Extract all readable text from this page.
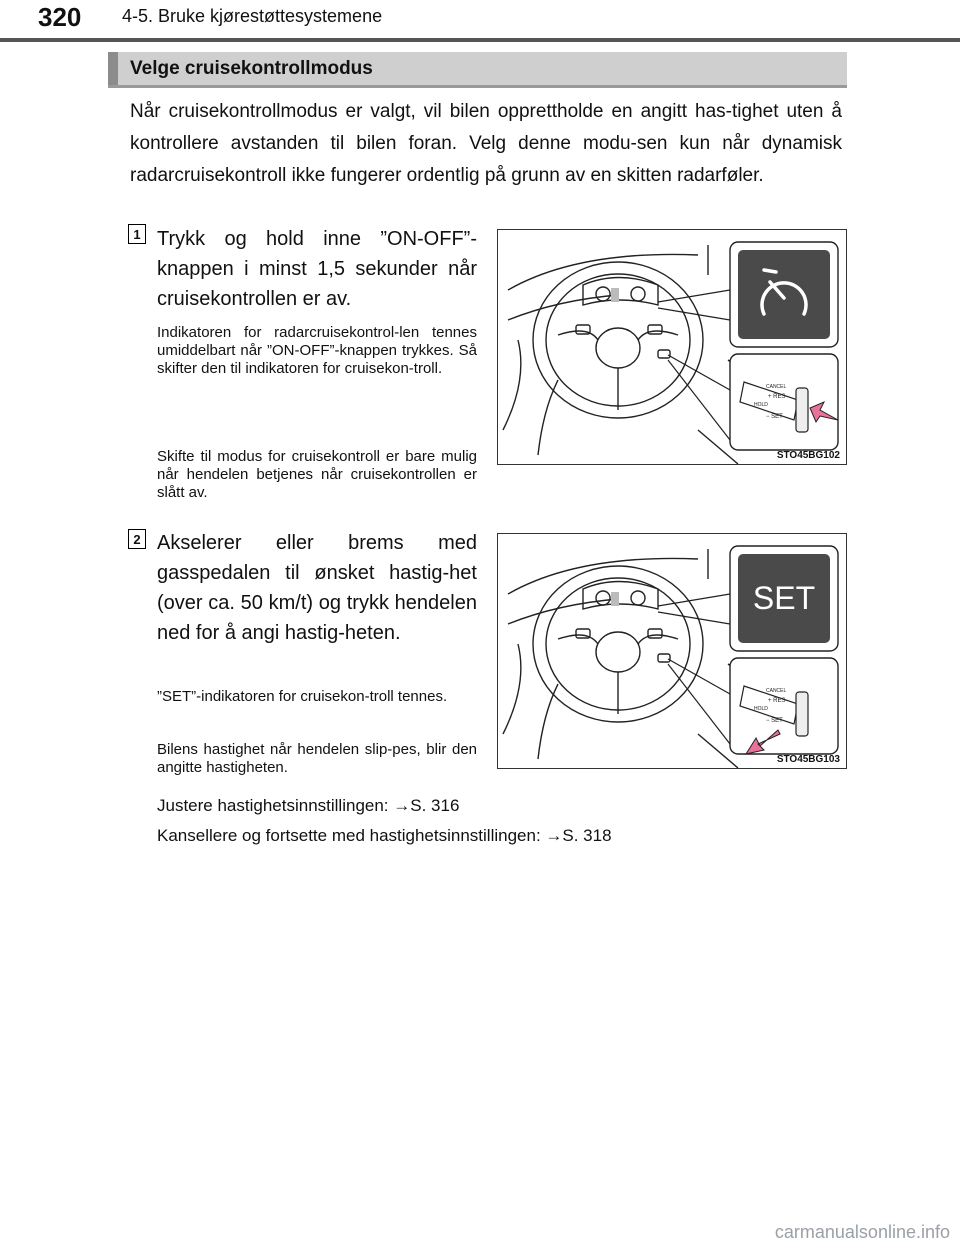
320 4-5. Bruke kjørestøttesystemene
Velge cruisekontrollmodus
Når cruisekontrollmodus er valgt, vil bilen opprettholde en angitt has-tighet uten å kontrollere avstanden til bilen foran. Velg denne modu-sen kun når dynamisk radarcruisekontroll ikke fungerer ordentlig på grunn av en skitten radarføler.
1 Trykk og hold inne ”ON-OFF”-knappen i minst 1,5 sekunder når cruisekontrollen er av.
Indikatoren for radarcruisekontrol-len tennes umiddelbart når ”ON-OFF”-knappen trykkes. Så skifter den til indikatoren for cruisekon-troll.
Skifte til modus for cruisekontroll er bare mulig når hendelen betjenes når cruisekontrollen er slått av.
CANCEL
+ RES
HOLD
− SET
STO45BG102
2 Akselerer eller brems med gasspedalen til ønsket hastig-het (over ca. 50 km/t) og trykk hendelen ned for å angi hastig-heten.
”SET”-indikatoren for cruisekon-troll tennes.
Bilens hastighet når hendelen slip-pes, blir den angitte hastigheten.
SET
CANCEL
+ RES
HOLD
− SET
STO45BG103
Justere hastighetsinnstillingen: →S. 316
Kansellere og fortsette med hastighetsinnstillingen: →S. 318
carmanualsonline.info
